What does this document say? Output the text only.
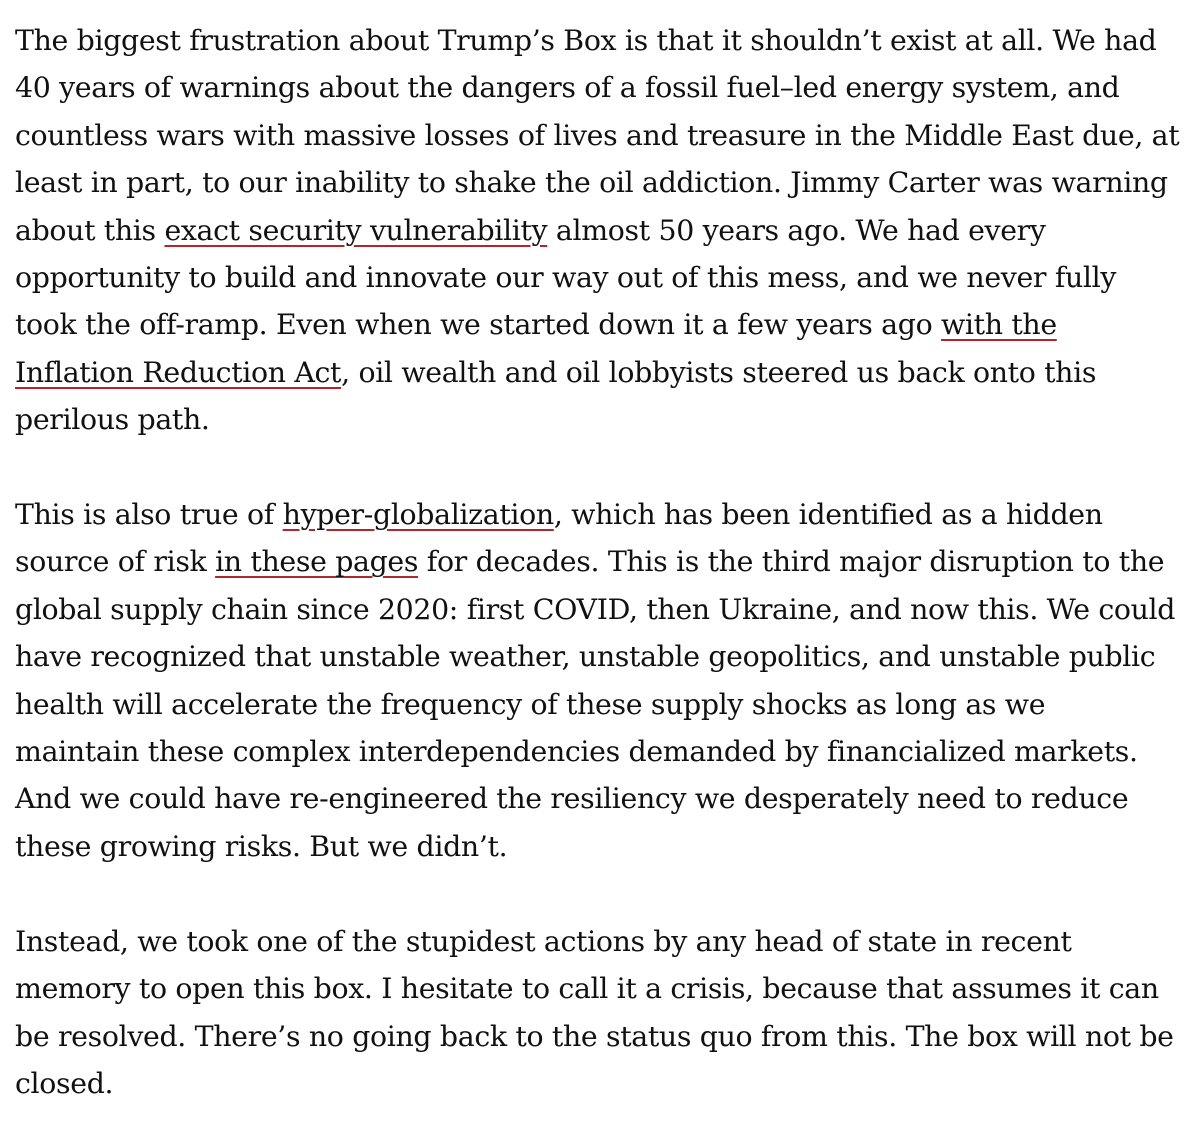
The biggest frustration about Trump’s Box is that it shouldn’t exist at all. We had
40 years of warnings about the dangers of a fossil fuel–led energy system, and
countless wars with massive losses of lives and treasure in the Middle East due, at
least in part, to our inability to shake the oil addiction. Jimmy Carter was warning
about this exact security vulnerability almost 50 years ago. We had every
opportunity to build and innovate our way out of this mess, and we never fully
took the off-ramp. Even when we started down it a few years ago with the
Inflation Reduction Act, oil wealth and oil lobbyists steered us back onto this
perilous path.

This is also true of hyper-globalization, which has been identified as a hidden
source of risk in these pages for decades. This is the third major disruption to the
global supply chain since 2020: first COVID, then Ukraine, and now this. We could
have recognized that unstable weather, unstable geopolitics, and unstable public
health will accelerate the frequency of these supply shocks as long as we
maintain these complex interdependencies demanded by financialized markets.
And we could have re-engineered the resiliency we desperately need to reduce
these growing risks. But we didn’t.

Instead, we took one of the stupidest actions by any head of state in recent
memory to open this box. I hesitate to call it a crisis, because that assumes it can
be resolved. There’s no going back to the status quo from this. The box will not be
closed.
